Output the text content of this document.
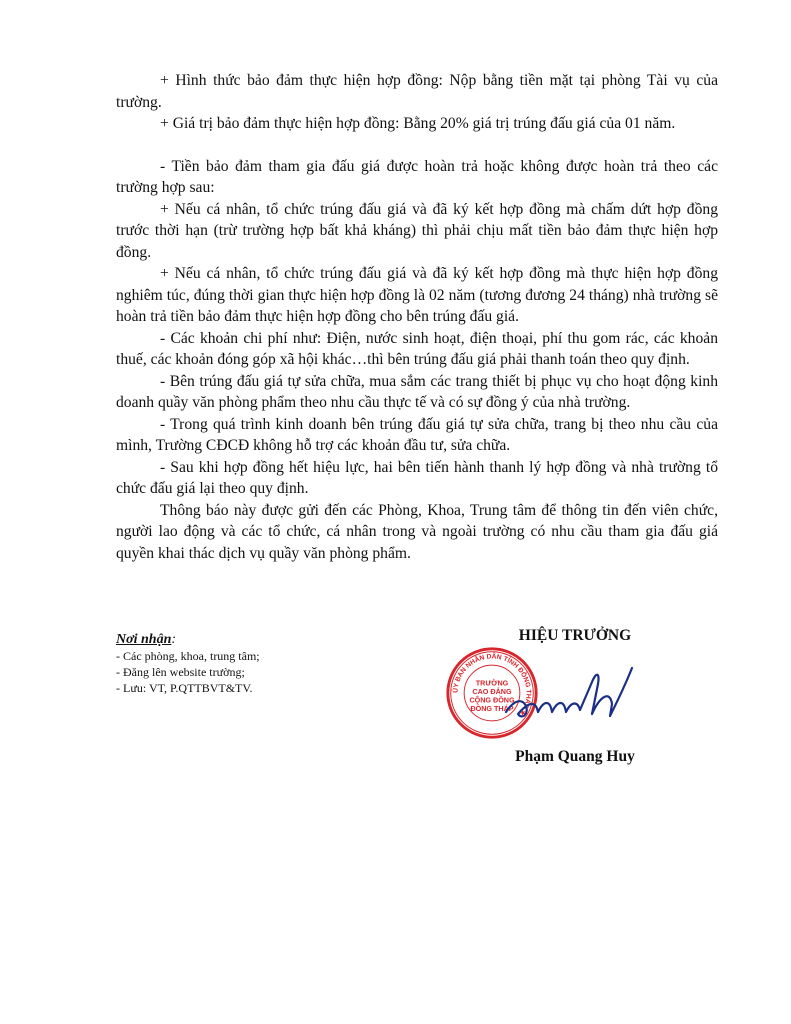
+ Hình thức bảo đảm thực hiện hợp đồng: Nộp bằng tiền mặt tại phòng Tài vụ của trường.

+ Giá trị bảo đảm thực hiện hợp đồng: Bằng 20% giá trị trúng đấu giá của 01 năm.

- Tiền bảo đảm tham gia đấu giá được hoàn trả hoặc không được hoàn trả theo các trường hợp sau:

+ Nếu cá nhân, tổ chức trúng đấu giá và đã ký kết hợp đồng mà chấm dứt hợp đồng trước thời hạn (trừ trường hợp bất khả kháng) thì phải chịu mất tiền bảo đảm thực hiện hợp đồng.

+ Nếu cá nhân, tổ chức trúng đấu giá và đã ký kết hợp đồng mà thực hiện hợp đồng nghiêm túc, đúng thời gian thực hiện hợp đồng là 02 năm (tương đương 24 tháng) nhà trường sẽ hoàn trả tiền bảo đảm thực hiện hợp đồng cho bên trúng đấu giá.

- Các khoản chi phí như: Điện, nước sinh hoạt, điện thoại, phí thu gom rác, các khoản thuế, các khoản đóng góp xã hội khác…thì bên trúng đấu giá phải thanh toán theo quy định.

- Bên trúng đấu giá tự sửa chữa, mua sắm các trang thiết bị phục vụ cho hoạt động kinh doanh quầy văn phòng phẩm theo nhu cầu thực tế và có sự đồng ý của nhà trường.

- Trong quá trình kinh doanh bên trúng đấu giá tự sửa chữa, trang bị theo nhu cầu của mình, Trường CĐCĐ không hỗ trợ các khoản đầu tư, sửa chữa.

- Sau khi hợp đồng hết hiệu lực, hai bên tiến hành thanh lý hợp đồng và nhà trường tổ chức đấu giá lại theo quy định.

Thông báo này được gửi đến các Phòng, Khoa, Trung tâm để thông tin đến viên chức, người lao động và các tổ chức, cá nhân trong và ngoài trường có nhu cầu tham gia đấu giá quyền khai thác dịch vụ quầy văn phòng phẩm.

Nơi nhận:

- Các phòng, khoa, trung tâm;

- Đăng lên website trường;

- Lưu: VT, P.QTTBVT&TV.

HIỆU TRƯỞNG
ỦY BAN NHÂN DÂN TỈNH ĐỒNG THÁP ★
TRƯỜNG
CAO ĐẲNG
CỘNG ĐỒNG
ĐỒNG THÁP
Phạm Quang Huy
